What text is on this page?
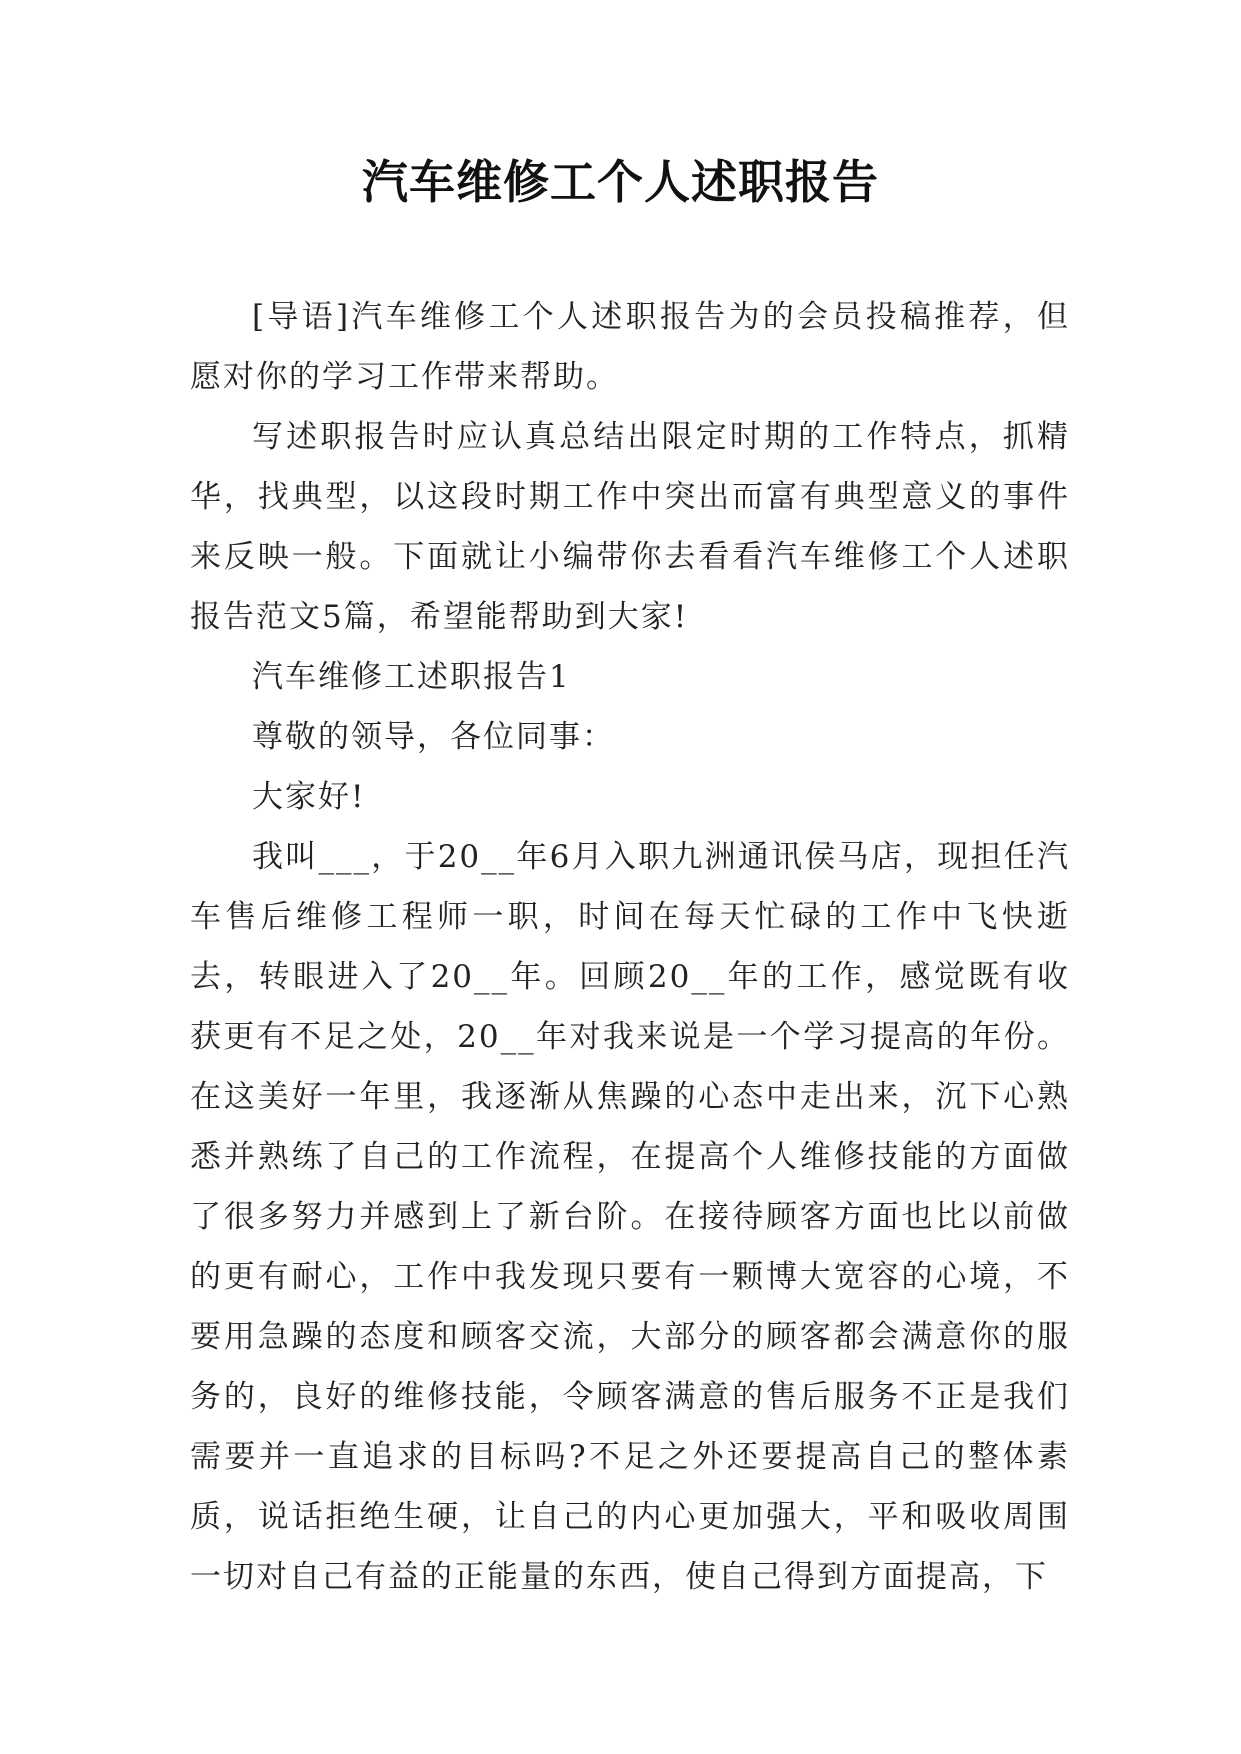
汽车维修工个人述职报告

[导语]汽车维修工个人述职报告为的会员投稿推荐，但愿对你的学习工作带来帮助。

写述职报告时应认真总结出限定时期的工作特点，抓精华，找典型，以这段时期工作中突出而富有典型意义的事件来反映一般。下面就让小编带你去看看汽车维修工个人述职报告范文5篇，希望能帮助到大家!

汽车维修工述职报告1

尊敬的领导，各位同事：

大家好!

我叫___，于20__年6月入职九洲通讯侯马店，现担任汽车售后维修工程师一职，时间在每天忙碌的工作中飞快逝去，转眼进入了20__年。回顾20__年的工作，感觉既有收获更有不足之处，20__年对我来说是一个学习提高的年份。在这美好一年里，我逐渐从焦躁的心态中走出来，沉下心熟悉并熟练了自己的工作流程，在提高个人维修技能的方面做了很多努力并感到上了新台阶。在接待顾客方面也比以前做的更有耐心，工作中我发现只要有一颗博大宽容的心境，不要用急躁的态度和顾客交流，大部分的顾客都会满意你的服务的，良好的维修技能，令顾客满意的售后服务不正是我们需要并一直追求的目标吗?不足之外还要提高自己的整体素质，说话拒绝生硬，让自己的内心更加强大，平和吸收周围一切对自己有益的正能量的东西，使自己得到方面提高，下
